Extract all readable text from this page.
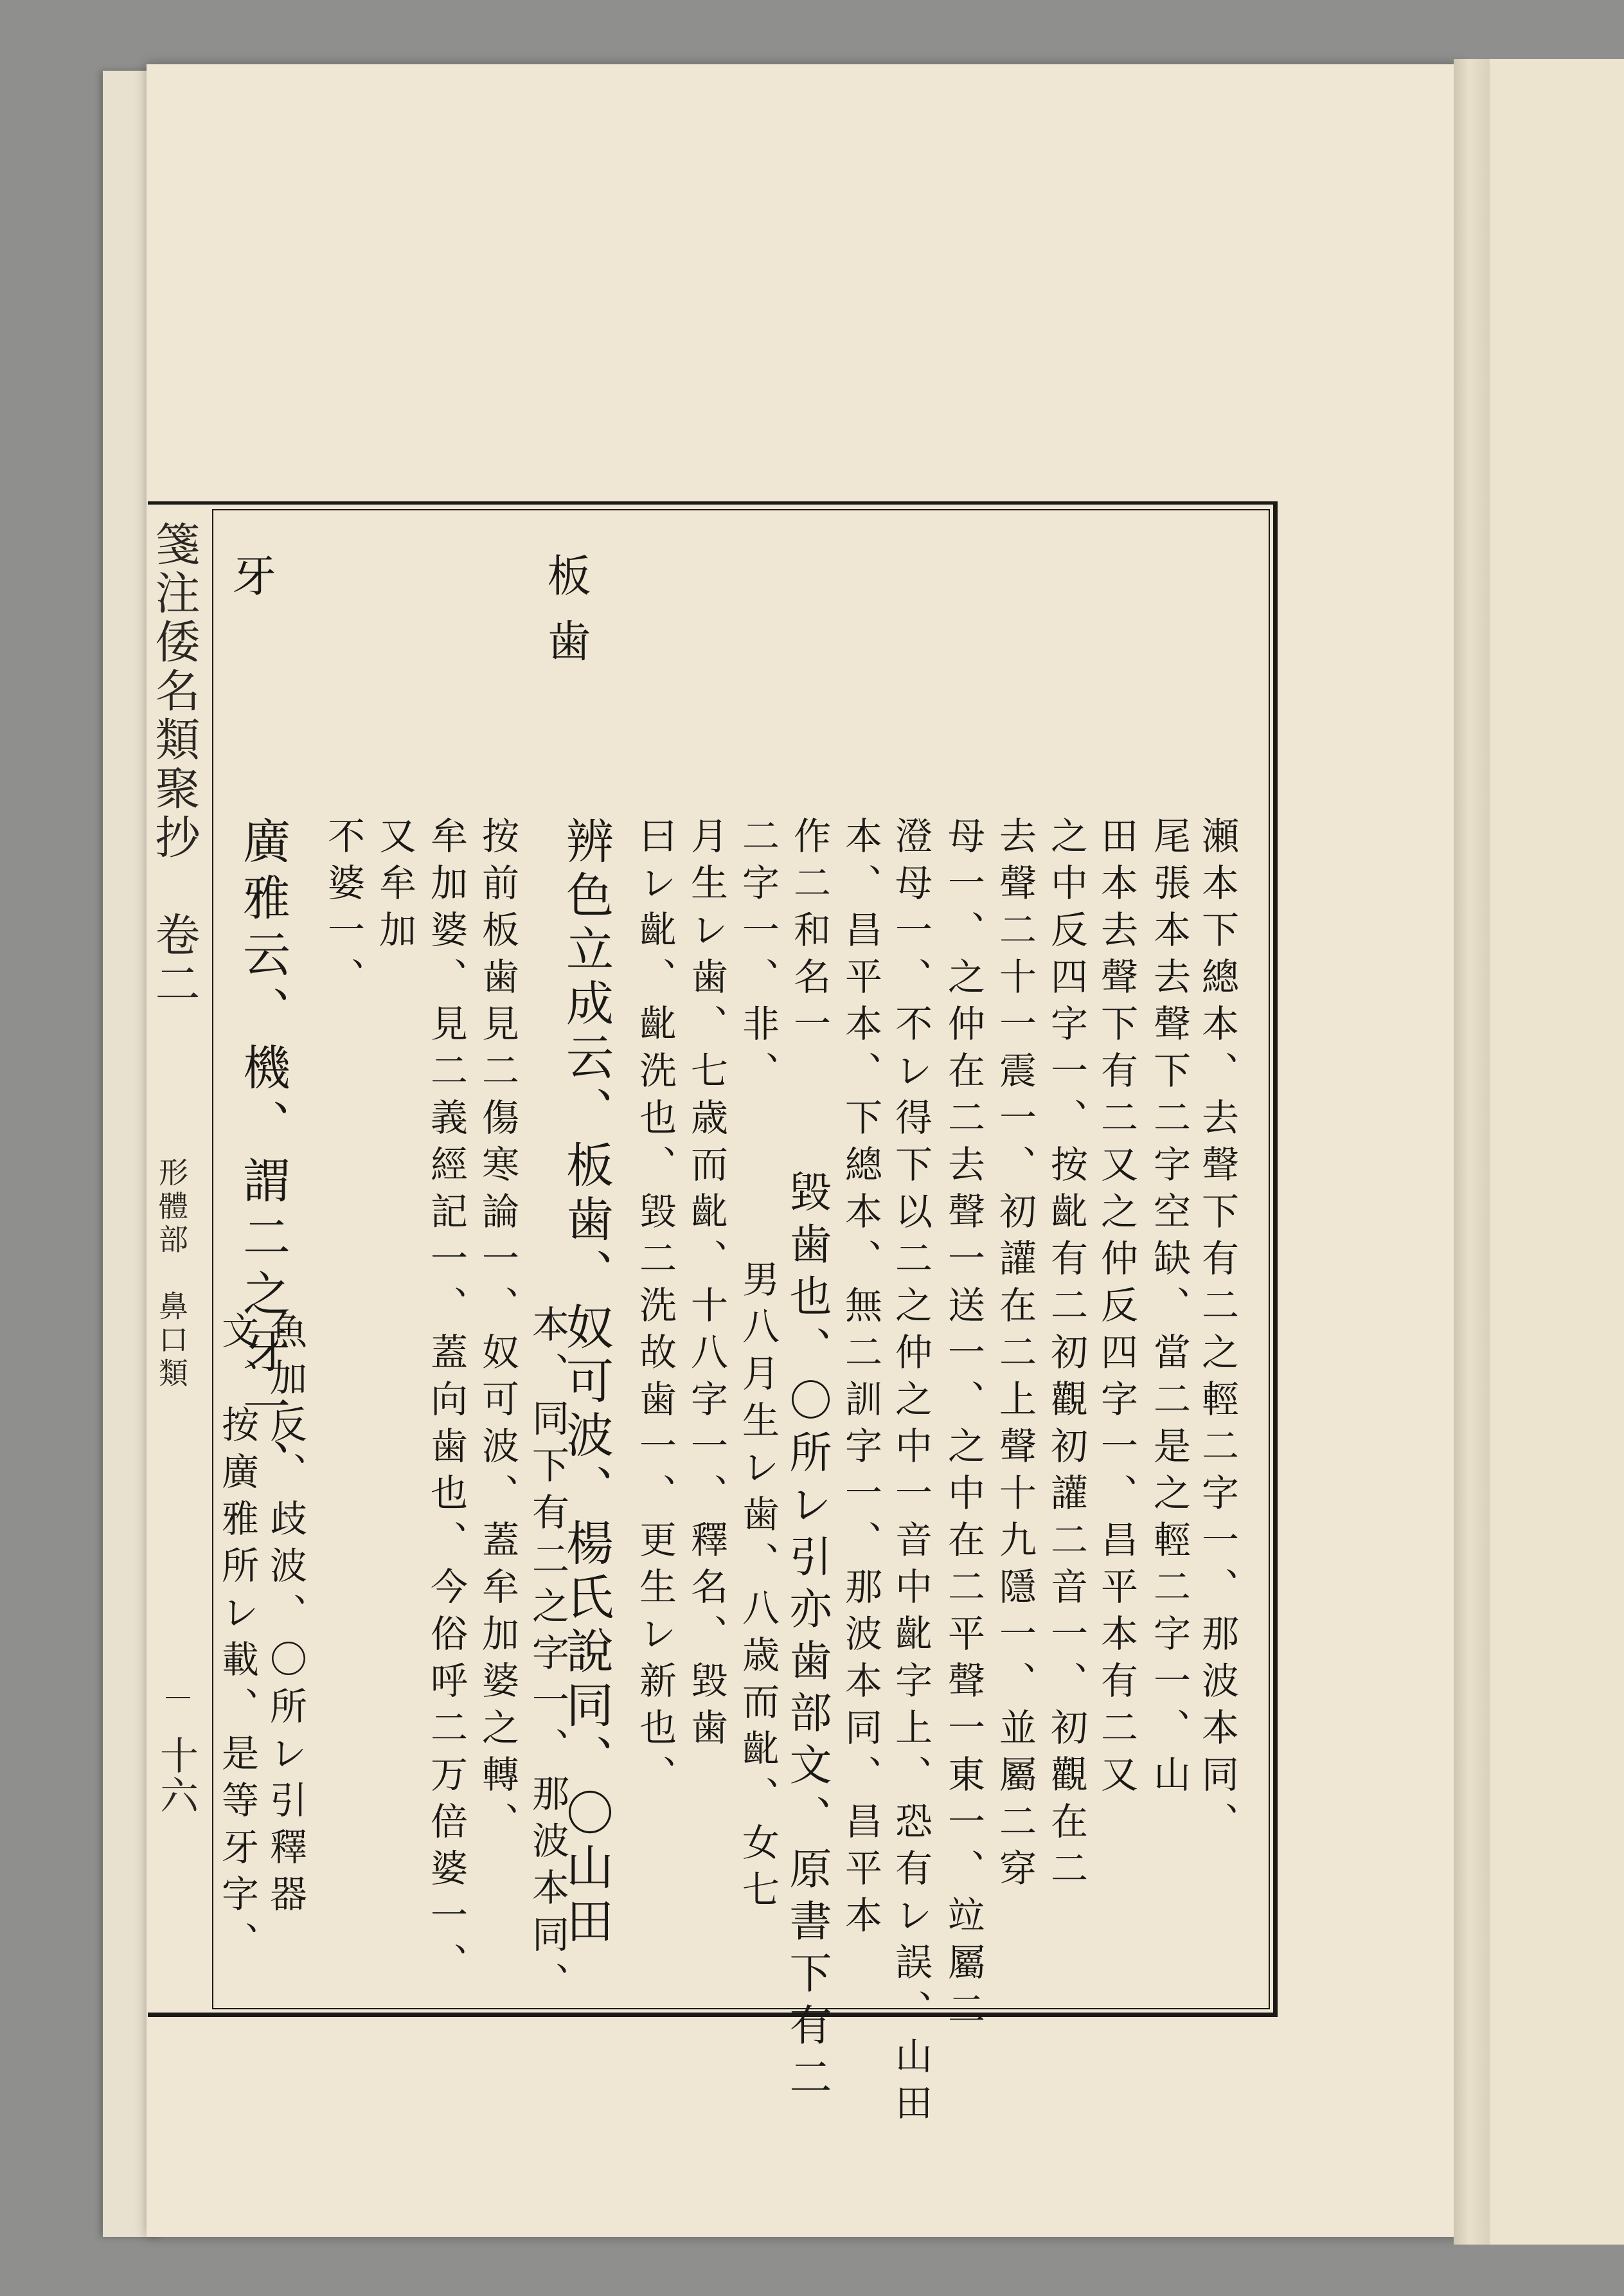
箋注倭名類聚抄　卷二
形體部　鼻口類
十六
板歯
牙
瀬本下總本、去聲下有二之輕二字一、那波本同、
尾張本去聲下二字空缺、當二是之輕二字一、山
田本去聲下有二又之仲反四字一、昌平本有二又
之中反四字一、按齔有二初觀初讙二音一、初觀在二
去聲二十一震一、初讙在二上聲十九隱一、並屬二穿
母一、之仲在二去聲一送一、之中在二平聲一東一、竝屬二
澄母一、不レ得下以二之仲之中一音中齔字上、恐有レ誤、山田
本、昌平本、下總本、無二訓字一、那波本同、昌平本
作二和名一
毀歯也、〇所レ引亦歯部文、原書下有二
二字一、非、
男八月生レ歯、八歳而齔、女七
月生レ歯、七歳而齔、十八字一、釋名、毀歯
曰レ齔、齔洗也、毀二洗故歯一、更生レ新也、
辨色立成云、板歯、奴可波、楊氏說同、〇山田
本、同下有二之字一、那波本同、
按前板歯見二傷寒論一、奴可波、蓋牟加婆之轉、
牟加婆、見二義經記一、蓋向歯也、今俗呼二万倍婆一、
又牟加
不婆一、
廣雅云、機、謂二之牙一、
魚加反、歧波、〇所レ引釋器
文、按廣雅所レ載、是等牙字、
